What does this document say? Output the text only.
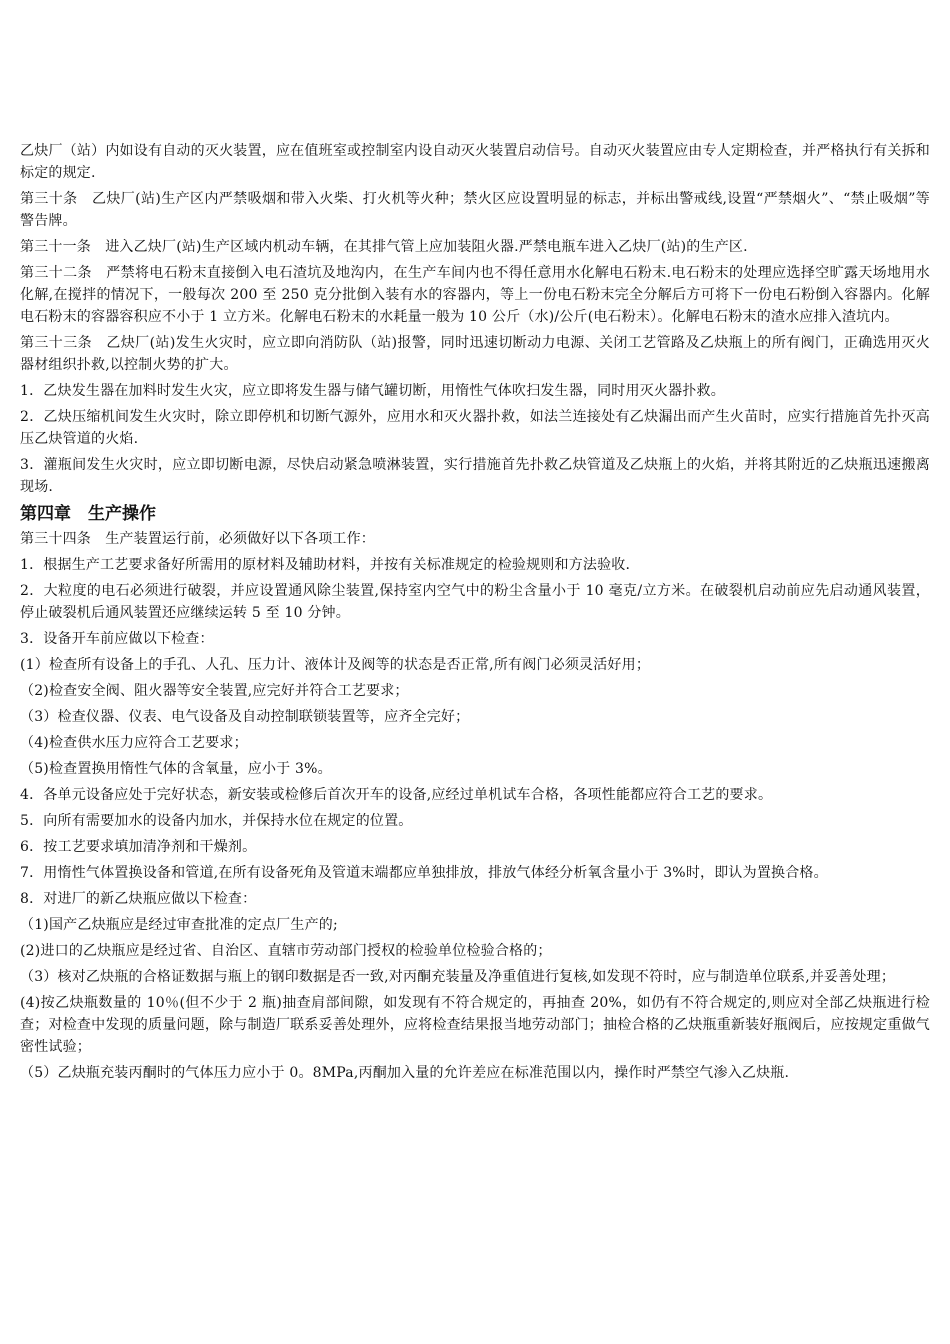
乙炔厂（站）内如设有自动的灭火装置，应在值班室或控制室内设自动灭火装置启动信号。自动灭火装置应由专人定期检查，并严格执行有关拆和标定的规定.

第三十条　乙炔厂(站)生产区内严禁吸烟和带入火柴、打火机等火种；禁火区应设置明显的标志，并标出警戒线,设置“严禁烟火”、“禁止吸烟”等警告牌。

第三十一条　进入乙炔厂(站)生产区域内机动车辆，在其排气管上应加装阻火器.严禁电瓶车进入乙炔厂(站)的生产区.

第三十二条　严禁将电石粉末直接倒入电石渣坑及地沟内，在生产车间内也不得任意用水化解电石粉末.电石粉末的处理应选择空旷露天场地用水化解,在搅拌的情况下，一般每次 200 至 250 克分批倒入装有水的容器内，等上一份电石粉末完全分解后方可将下一份电石粉倒入容器内。化解电石粉末的容器容积应不小于 1 立方米。化解电石粉末的水耗量一般为 10 公斤（水)/公斤(电石粉末）。化解电石粉末的渣水应排入渣坑内。

第三十三条　乙炔厂(站)发生火灾时，应立即向消防队（站)报警，同时迅速切断动力电源、关闭工艺管路及乙炔瓶上的所有阀门，正确选用灭火器材组织扑救,以控制火势的扩大。

1．乙炔发生器在加料时发生火灾，应立即将发生器与储气罐切断，用惰性气体吹扫发生器，同时用灭火器扑救。

2．乙炔压缩机间发生火灾时，除立即停机和切断气源外，应用水和灭火器扑救，如法兰连接处有乙炔漏出而产生火苗时，应实行措施首先扑灭高压乙炔管道的火焰.

3．灌瓶间发生火灾时，应立即切断电源，尽快启动紧急喷淋装置，实行措施首先扑救乙炔管道及乙炔瓶上的火焰，并将其附近的乙炔瓶迅速搬离现场.

第四章　生产操作

第三十四条　生产装置运行前，必须做好以下各项工作：

1．根据生产工艺要求备好所需用的原材料及辅助材料，并按有关标准规定的检验规则和方法验收.

2．大粒度的电石必须进行破裂，并应设置通风除尘装置,保持室内空气中的粉尘含量小于 10 毫克/立方米。在破裂机启动前应先启动通风装置，停止破裂机后通风装置还应继续运转 5 至 10 分钟。

3．设备开车前应做以下检查：

(1）检查所有设备上的手孔、人孔、压力计、液体计及阀等的状态是否正常,所有阀门必须灵活好用；

（2)检查安全阀、阻火器等安全装置,应完好并符合工艺要求；

（3）检查仪器、仪表、电气设备及自动控制联锁装置等，应齐全完好；

（4)检查供水压力应符合工艺要求；

（5)检查置换用惰性气体的含氧量，应小于 3%。

4．各单元设备应处于完好状态，新安装或检修后首次开车的设备,应经过单机试车合格，各项性能都应符合工艺的要求。

5．向所有需要加水的设备内加水，并保持水位在规定的位置。

6．按工艺要求填加清净剂和干燥剂。

7．用惰性气体置换设备和管道,在所有设备死角及管道末端都应单独排放，排放气体经分析氧含量小于 3%时，即认为置换合格。

8．对进厂的新乙炔瓶应做以下检查：

（1)国产乙炔瓶应是经过审查批准的定点厂生产的;

(2)进口的乙炔瓶应是经过省、自治区、直辖市劳动部门授权的检验单位检验合格的；

（3）核对乙炔瓶的合格证数据与瓶上的钢印数据是否一致,对丙酮充装量及净重值进行复核,如发现不符时，应与制造单位联系,并妥善处理；

(4)按乙炔瓶数量的 10％(但不少于 2 瓶)抽查肩部间隙，如发现有不符合规定的，再抽查 20%，如仍有不符合规定的,则应对全部乙炔瓶进行检查；对检查中发现的质量问题，除与制造厂联系妥善处理外，应将检查结果报当地劳动部门；抽检合格的乙炔瓶重新装好瓶阀后，应按规定重做气密性试验；

（5）乙炔瓶充装丙酮时的气体压力应小于 0。8MPa,丙酮加入量的允许差应在标准范围以内，操作时严禁空气渗入乙炔瓶.
